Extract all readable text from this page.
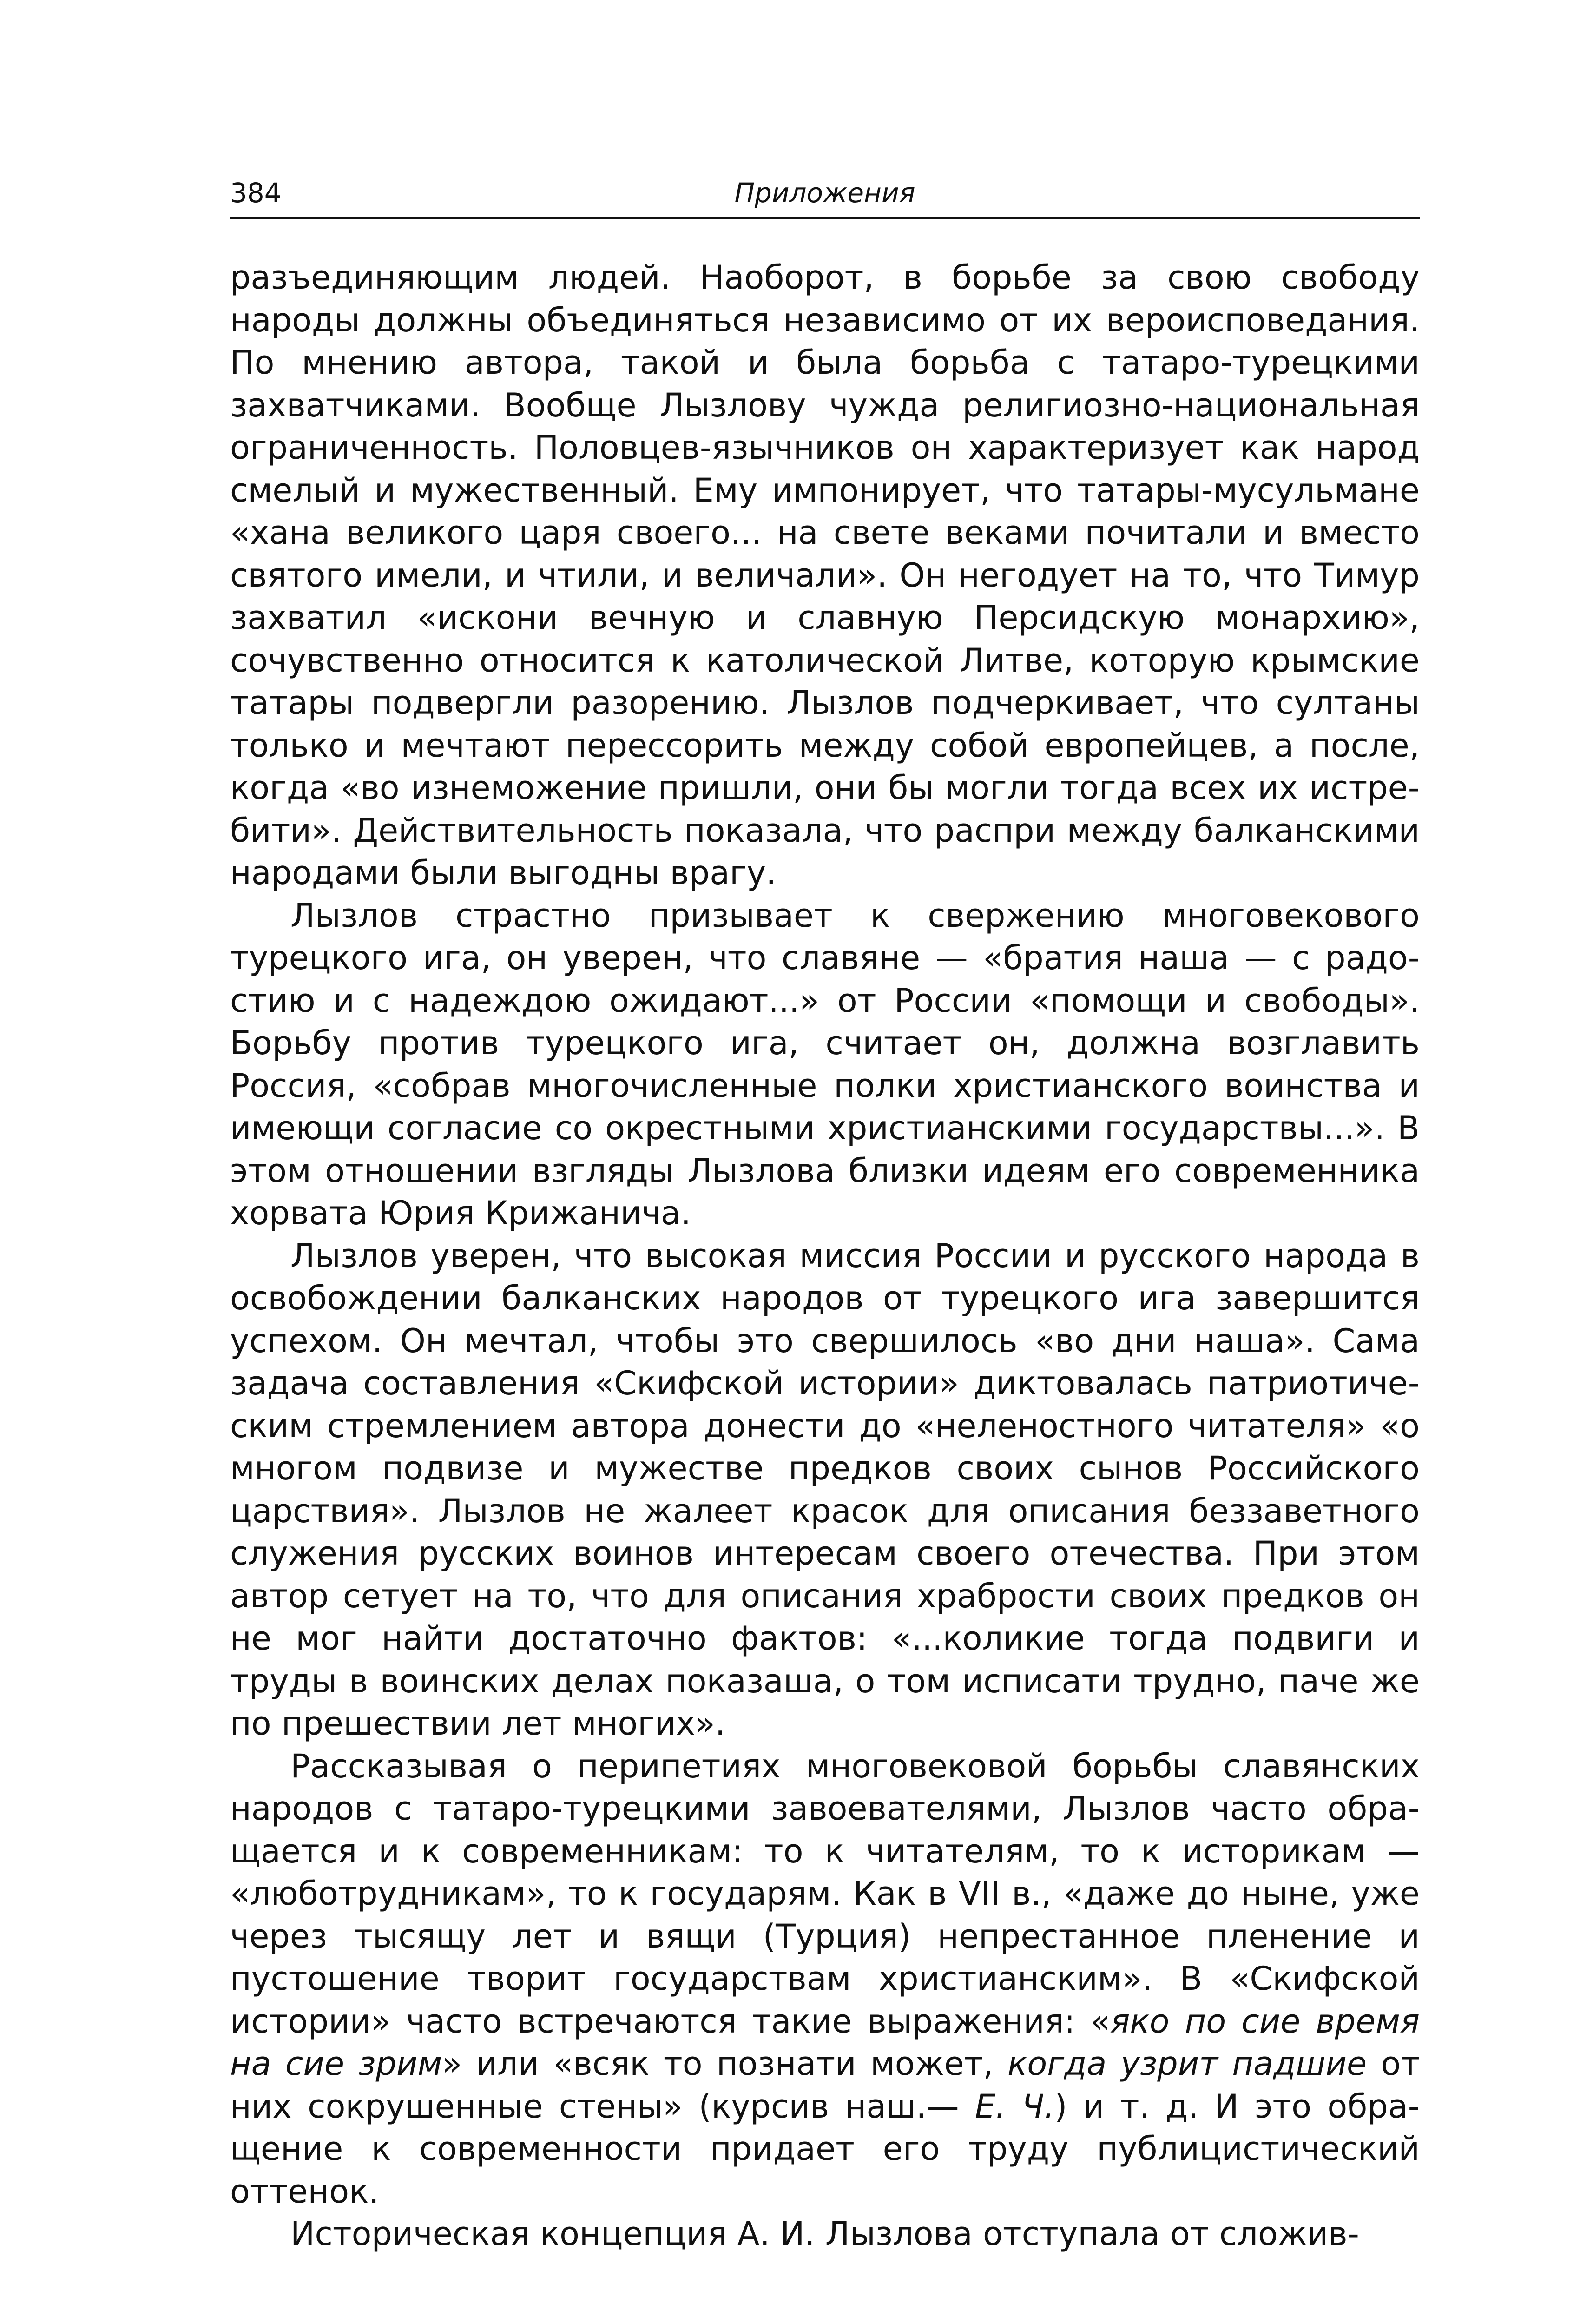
384	Приложения

разъединяющим людей. Наоборот, в борьбе за свою свободу народы должны объединяться независимо от их вероисповедания. По мнению автора, такой и была борьба с татаро-турецкими захватчиками. Вообще Лызлову чужда религиозно-национальная ограниченность. Половцев-язычников он характеризует как народ смелый и мужественный. Ему импонирует, что татары-мусульмане «хана великого царя своего... на свете веками почитали и вместо святого имели, и чтили, и величали». Он негодует на то, что Тимур захватил «искони вечную и славную Персидскую монархию», сочувственно относится к католической Литве, которую крымские татары подвергли разорению. Лызлов подчеркивает, что султаны только и мечтают перессорить между собой европейцев, а после, когда «во изнеможение пришли, они бы могли тогда всех их истребити». Действительность показала, что распри между балканскими народами были выгодны врагу.

Лызлов страстно призывает к свержению многовекового турецкого ига, он уверен, что славяне — «братия наша — с радостию и с надеждою ожидают...» от России «помощи и свободы». Борьбу против турецкого ига, считает он, должна возглавить Россия, «собрав многочисленные полки христианского воинства и имеющи согласие со окрестными христианскими государствы...». В этом отношении взгляды Лызлова близки идеям его современника хорвата Юрия Крижанича.

Лызлов уверен, что высокая миссия России и русского народа в освобождении балканских народов от турецкого ига завершится успехом. Он мечтал, чтобы это свершилось «во дни наша». Сама задача составления «Скифской истории» диктовалась патриотическим стремлением автора донести до «неленостного читателя» «о многом подвизе и мужестве предков своих сынов Российского царствия». Лызлов не жалеет красок для описания беззаветного служения русских воинов интересам своего отечества. При этом автор сетует на то, что для описания храбрости своих предков он не мог найти достаточно фактов: «...коликие тогда подвиги и труды в воинских делах показаша, о том исписати трудно, паче же по прешествии лет многих».

Рассказывая о перипетиях многовековой борьбы славянских народов с татаро-турецкими завоевателями, Лызлов часто обращается и к современникам: то к читателям, то к историкам — «люботрудникам», то к государям. Как в VII в., «даже до ныне, уже через тысящу лет и вящи (Турция) непрестанное пленение и пустошение творит государствам христианским». В «Скифской истории» часто встречаются такие выражения: «яко по сие время на сие зрим» или «всяк то познати может, когда узрит падшие от них сокрушенные стены» (курсив наш.— Е. Ч.) и т. д. И это обращение к современности придает его труду публицистический оттенок.

Историческая концепция А. И. Лызлова отступала от сложив-
